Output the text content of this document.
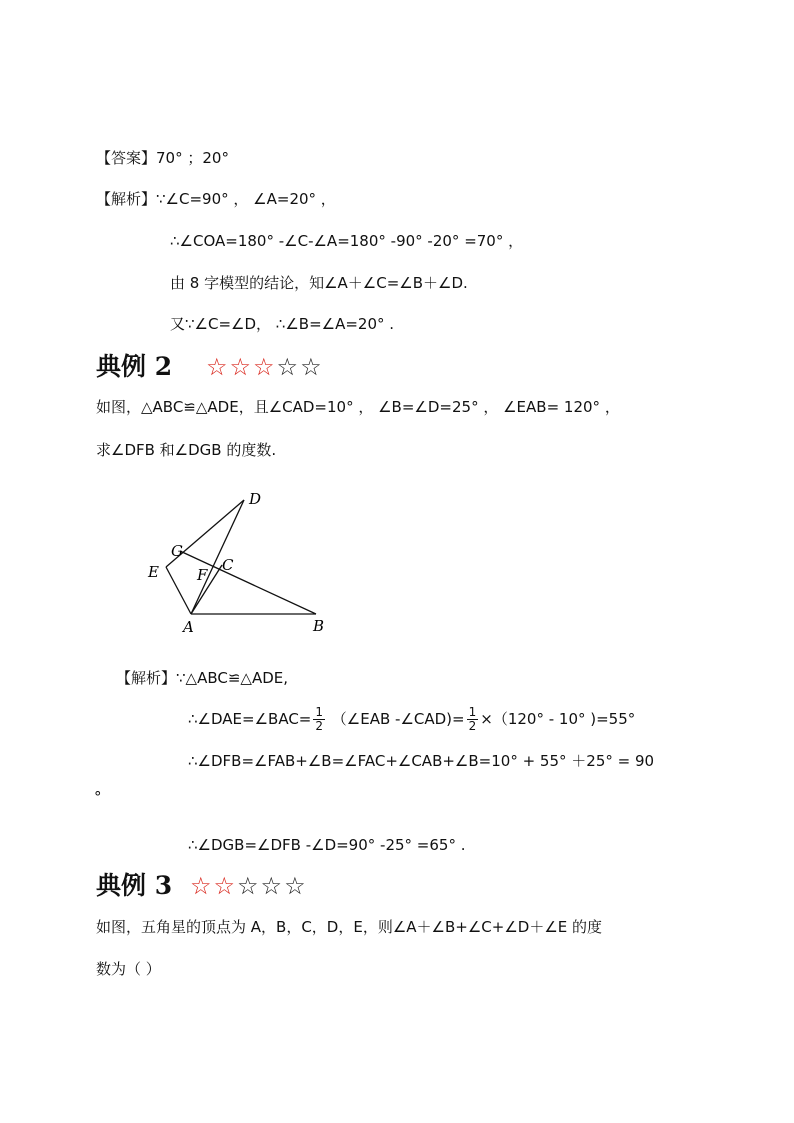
【答案】70° ；20°
【解析】∵∠C=90° ， ∠A=20° ，
∴∠COA=180° -∠C-∠A=180° -90° -20° =70° ，
由 8 字模型的结论，知∠A＋∠C=∠B＋∠D.
又∵∠C=∠D， ∴∠B=∠A=20° .
典例 2 ☆☆☆☆☆
如图，△ABC≌△ADE，且∠CAD=10° ， ∠B=∠D=25° ， ∠EAB= 120° ，
求∠DFB 和∠DGB 的度数.
D
G
C
E	F
A	B
【解析】∵△ABC≌△ADE,
∴∠DAE=∠BAC= $\frac{1}{2}$ （∠EAB -∠CAD)= $\frac{1}{2} \times(120^\circ - 10^\circ$ )=55°
∴∠DFB=∠FAB+∠B=∠FAC+∠CAB+∠B=10° + 55° ＋25° = 90
°
∴∠DGB=∠DFB -∠D=90° -25° =65° .
典例 3 ☆☆☆☆☆
如图，五角星的顶点为 A，B，C，D，E，则∠A＋∠B+∠C+∠D＋∠E 的度
数为（ ）
